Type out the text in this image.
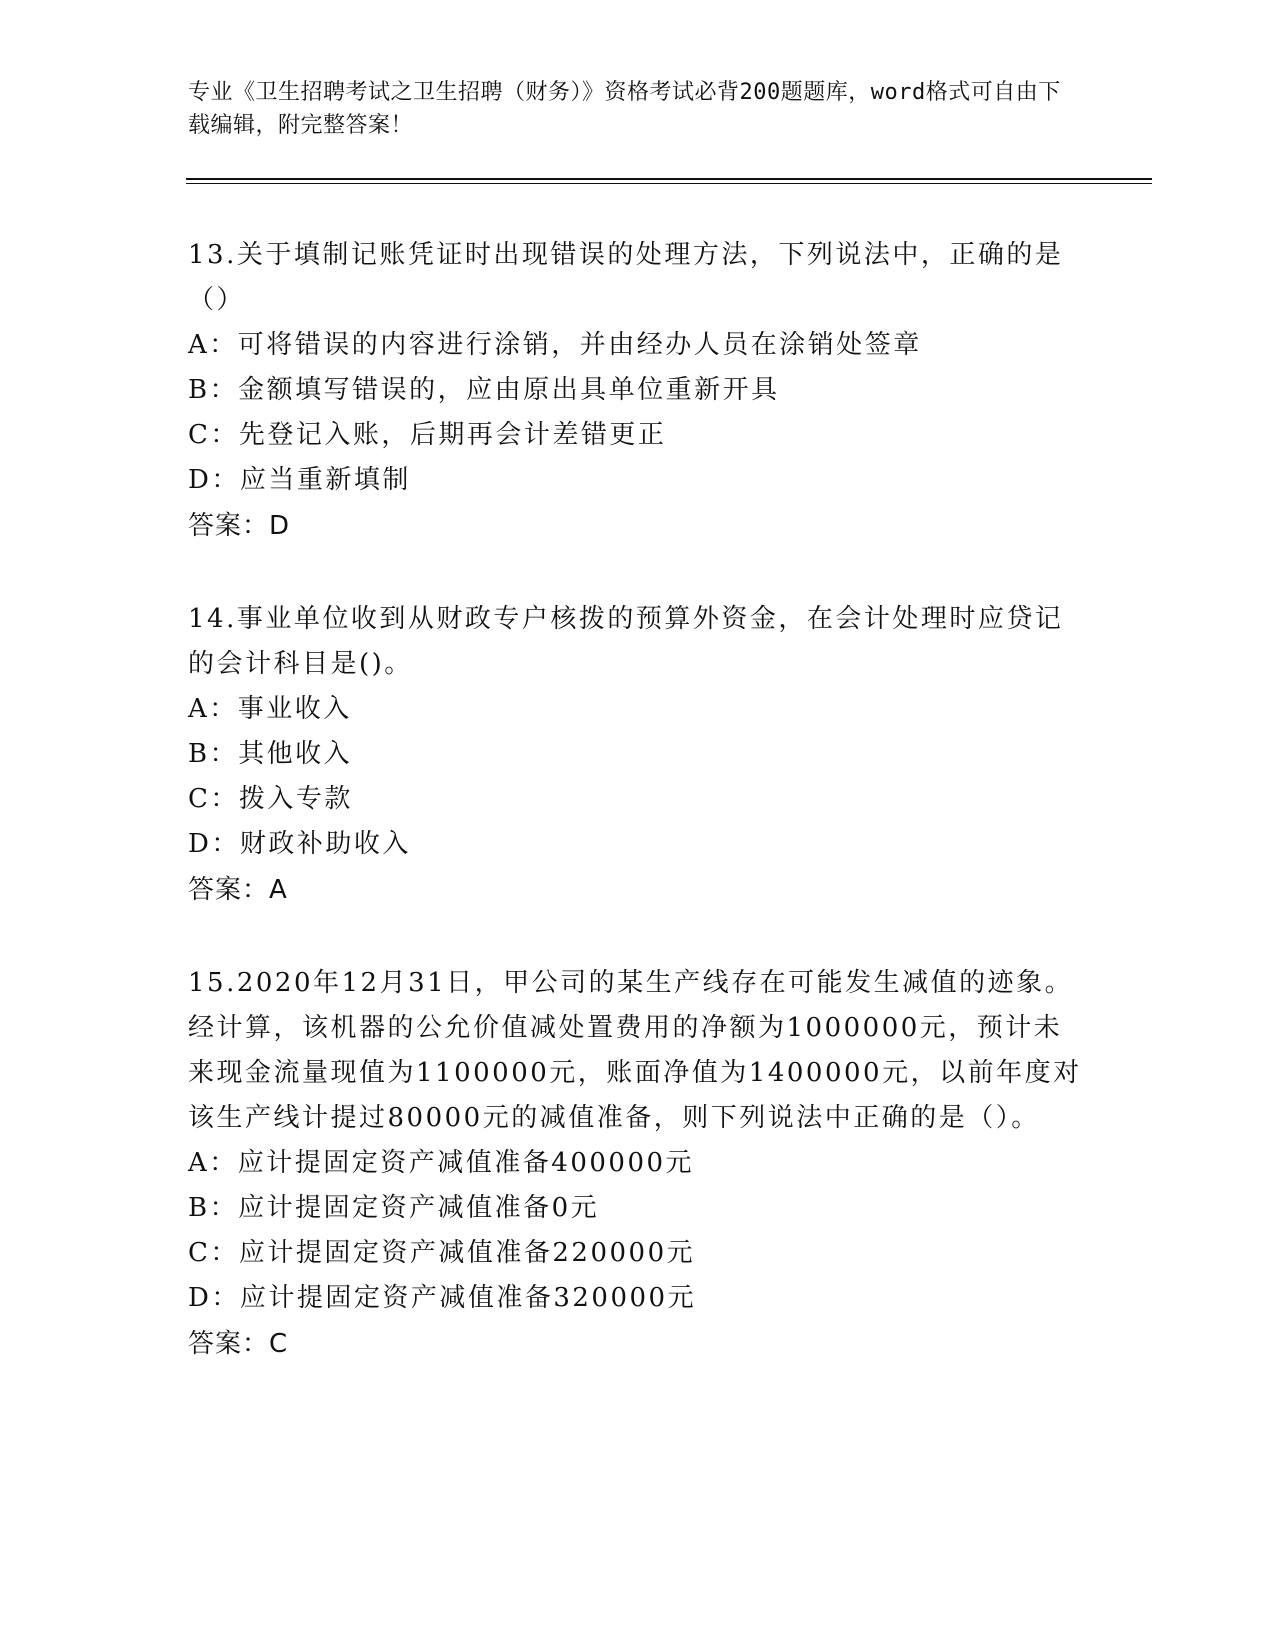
专业《卫生招聘考试之卫生招聘（财务）》资格考试必背200题题库，word格式可自由下载编辑，附完整答案！
13.关于填制记账凭证时出现错误的处理方法，下列说法中，正确的是（）
A：可将错误的内容进行涂销，并由经办人员在涂销处签章
B：金额填写错误的，应由原出具单位重新开具
C：先登记入账，后期再会计差错更正
D：应当重新填制
答案：D
14.事业单位收到从财政专户核拨的预算外资金，在会计处理时应贷记的会计科目是()。
A：事业收入
B：其他收入
C：拨入专款
D：财政补助收入
答案：A
15.2020年12月31日，甲公司的某生产线存在可能发生减值的迹象。经计算，该机器的公允价值减处置费用的净额为1000000元，预计未来现金流量现值为1100000元，账面净值为1400000元，以前年度对该生产线计提过80000元的减值准备，则下列说法中正确的是（）。
A：应计提固定资产减值准备400000元
B：应计提固定资产减值准备0元
C：应计提固定资产减值准备220000元
D：应计提固定资产减值准备320000元
答案：C
